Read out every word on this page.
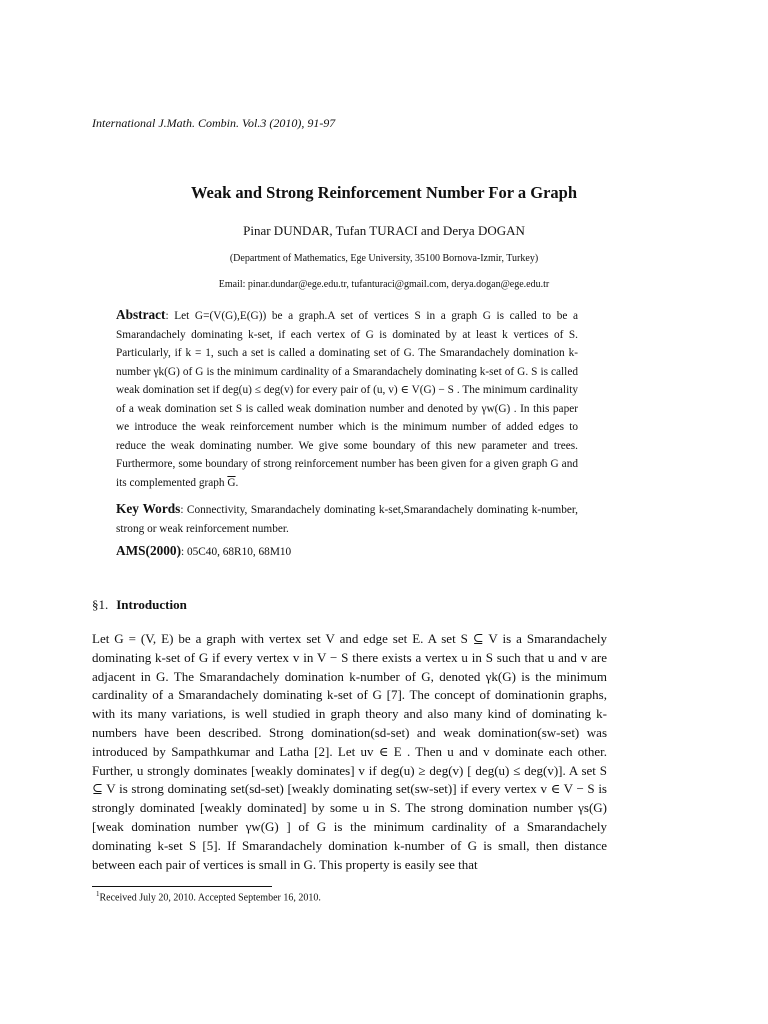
International J.Math. Combin. Vol.3 (2010), 91-97
Weak and Strong Reinforcement Number For a Graph
Pinar DUNDAR, Tufan TURACI and Derya DOGAN
(Department of Mathematics, Ege University, 35100 Bornova-Izmir, Turkey)
Email: pinar.dundar@ege.edu.tr, tufanturaci@gmail.com, derya.dogan@ege.edu.tr
Abstract: Let G=(V(G),E(G)) be a graph.A set of vertices S in a graph G is called to be a Smarandachely dominating k-set, if each vertex of G is dominated by at least k vertices of S. Particularly, if k = 1, such a set is called a dominating set of G. The Smarandachely domination k-number γk(G) of G is the minimum cardinality of a Smarandachely dominating k-set of G. S is called weak domination set if deg(u) ≤ deg(v) for every pair of (u, v) ∈ V(G) − S . The minimum cardinality of a weak domination set S is called weak domination number and denoted by γw(G) . In this paper we introduce the weak reinforcement number which is the minimum number of added edges to reduce the weak dominating number. We give some boundary of this new parameter and trees. Furthermore, some boundary of strong reinforcement number has been given for a given graph G and its complemented graph $\overline{G}$.
Key Words: Connectivity, Smarandachely dominating k-set,Smarandachely dominating k-number, strong or weak reinforcement number.
AMS(2000): 05C40, 68R10, 68M10
§1. Introduction
Let G = (V, E) be a graph with vertex set V and edge set E. A set S ⊆ V is a Smarandachely dominating k-set of G if every vertex v in V − S there exists a vertex u in S such that u and v are adjacent in G. The Smarandachely domination k-number of G, denoted γk(G) is the minimum cardinality of a Smarandachely dominating k-set of G [7]. The concept of dominationin graphs, with its many variations, is well studied in graph theory and also many kind of dominating k-numbers have been described. Strong domination(sd-set) and weak domination(sw-set) was introduced by Sampathkumar and Latha [2]. Let uv ∈ E . Then u and v dominate each other. Further, u strongly dominates [weakly dominates] v if deg(u) ≥ deg(v) [ deg(u) ≤ deg(v)]. A set S ⊆ V is strong dominating set(sd-set) [weakly dominating set(sw-set)] if every vertex v ∈ V − S is strongly dominated [weakly dominated] by some u in S. The strong domination number γs(G) [weak domination number γw(G) ] of G is the minimum cardinality of a Smarandachely dominating k-set S [5]. If Smarandachely domination k-number of G is small, then distance between each pair of vertices is small in G. This property is easily see that
$^1$Received July 20, 2010. Accepted September 16, 2010.
